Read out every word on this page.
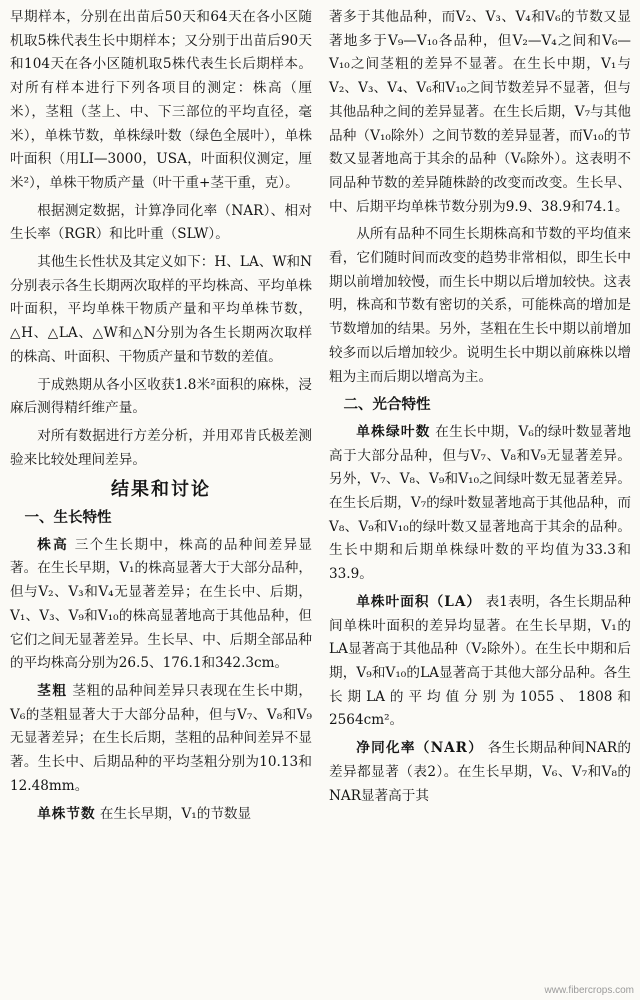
早期样本，分别在出苗后50天和64天在各小区随机取5株代表生长中期样本；又分别于出苗后90天和104天在各小区随机取5株代表生长后期样本。对所有样本进行下列各项目的测定：株高（厘米），茎粗（茎上、中、下三部位的平均直径，毫米），单株节数，单株绿叶数（绿色全展叶），单株叶面积（用LI—3000，USA，叶面积仪测定，厘米²），单株干物质产量（叶干重+茎干重，克）。

根据测定数据，计算净同化率（NAR）、相对生长率（RGR）和比叶重（SLW）。

其他生长性状及其定义如下：H、LA、W和N分别表示各生长期两次取样的平均株高、平均单株叶面积，平均单株干物质产量和平均单株节数，△H、△LA、△W和△N分别为各生长期两次取样的株高、叶面积、干物质产量和节数的差值。

于成熟期从各小区收获1.8米²面积的麻株，浸麻后测得精纤维产量。

对所有数据进行方差分析，并用邓肯氏极差测验来比较处理间差异。

结果和讨论
一、生长特性

株高 三个生长期中，株高的品种间差异显著。在生长早期，V₁的株高显著大于大部分品种，但与V₂、V₃和V₄无显著差异；在生长中、后期，V₁、V₃、V₉和V₁₀的株高显著地高于其他品种，但它们之间无显著差异。生长早、中、后期全部品种的平均株高分别为26.5、176.1和342.3cm。

茎粗 茎粗的品种间差异只表现在生长中期，V₆的茎粗显著大于大部分品种，但与V₇、V₈和V₉无显著差异；在生长后期，茎粗的品种间差异不显著。生长中、后期品种的平均茎粗分别为10.13和12.48mm。

单株节数 在生长早期，V₁的节数显

著多于其他品种，而V₂、V₃、V₄和V₆的节数又显著地多于V₉—V₁₀各品种，但V₂—V₄之间和V₆—V₁₀之间茎粗的差异不显著。在生长中期，V₁与V₂、V₃、V₄、V₆和V₁₀之间节数差异不显著，但与其他品种之间的差异显著。在生长后期，V₇与其他品种（V₁₀除外）之间节数的差异显著，而V₁₀的节数又显著地高于其余的品种（V₆除外）。这表明不同品种节数的差异随株龄的改变而改变。生长早、中、后期平均单株节数分别为9.9、38.9和74.1。

从所有品种不同生长期株高和节数的平均值来看，它们随时间而改变的趋势非常相似，即生长中期以前增加较慢，而生长中期以后增加较快。这表明，株高和节数有密切的关系，可能株高的增加是节数增加的结果。另外，茎粗在生长中期以前增加较多而以后增加较少。说明生长中期以前麻株以增粗为主而后期以增高为主。

二、光合特性

单株绿叶数 在生长中期，V₆的绿叶数显著地高于大部分品种，但与V₇、V₈和V₉无显著差异。另外，V₇、V₈、V₉和V₁₀之间绿叶数无显著差异。在生长后期，V₇的绿叶数显著地高于其他品种，而V₈、V₉和V₁₀的绿叶数又显著地高于其余的品种。生长中期和后期单株绿叶数的平均值为33.3和33.9。

单株叶面积（LA） 表1表明，各生长期品种间单株叶面积的差异均显著。在生长早期，V₁的LA显著高于其他品种（V₂除外）。在生长中期和后期，V₉和V₁₀的LA显著高于其他大部分品种。各生长期LA的平均值分别为1055、1808和2564cm²。

净同化率（NAR） 各生长期品种间NAR的差异都显著（表2）。在生长早期，V₆、V₇和V₈的NAR显著高于其

www.fibercrops.com
